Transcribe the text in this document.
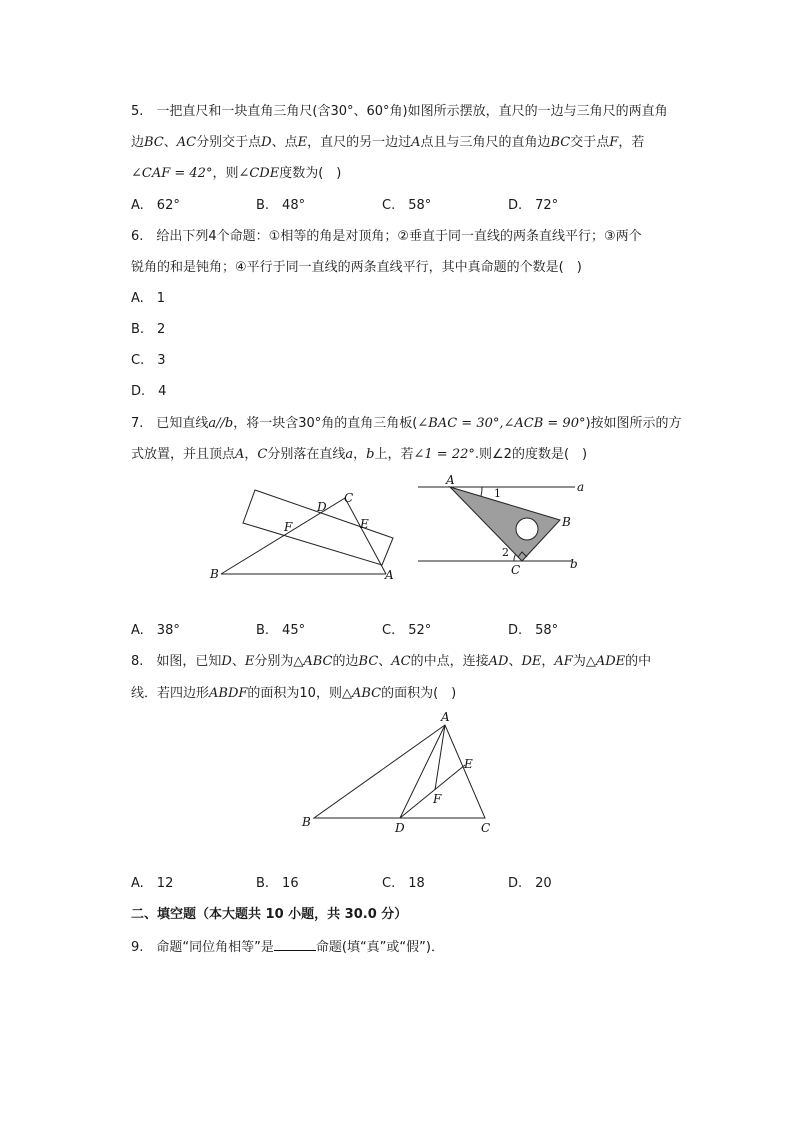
5.　一把直尺和一块直角三角尺(含30°、60°角)如图所示摆放，直尺的一边与三角尺的两直角
边BC、AC分别交于点D、点E，直尺的另一边过A点且与三角尺的直角边BC交于点F，若
∠CAF = 42°，则∠CDE度数为(　)
A.　62°	B.　48°	C.　58°	D.　72°
6.　给出下列4个命题：①相等的角是对顶角；②垂直于同一直线的两条直线平行；③两个
锐角的和是钝角；④平行于同一直线的两条直线平行，其中真命题的个数是(　)
A.　1
B.　2
C.　3
D.　4
7.　已知直线a//b，将一块含30°角的直角三角板(∠BAC = 30°,∠ACB = 90°)按如图所示的方
式放置，并且顶点A，C分别落在直线a，b上，若∠1 = 22°.则∠2的度数是(　)
B	A
C
D
E
F
A
B
C
a
b
1
2
A.　38°	B.　45°	C.　52°	D.　58°
8.　如图，已知D、E分别为△ABC的边BC、AC的中点，连接AD、DE，AF为△ADE的中
线．若四边形ABDF的面积为10，则△ABC的面积为(　)
A
B	C
D
E
F
A.　12	B.　16	C.　18	D.　20
二、填空题（本大题共 10 小题，共 30.0 分）
9.　命题“同位角相等”是	命题(填“真”或“假”)．
